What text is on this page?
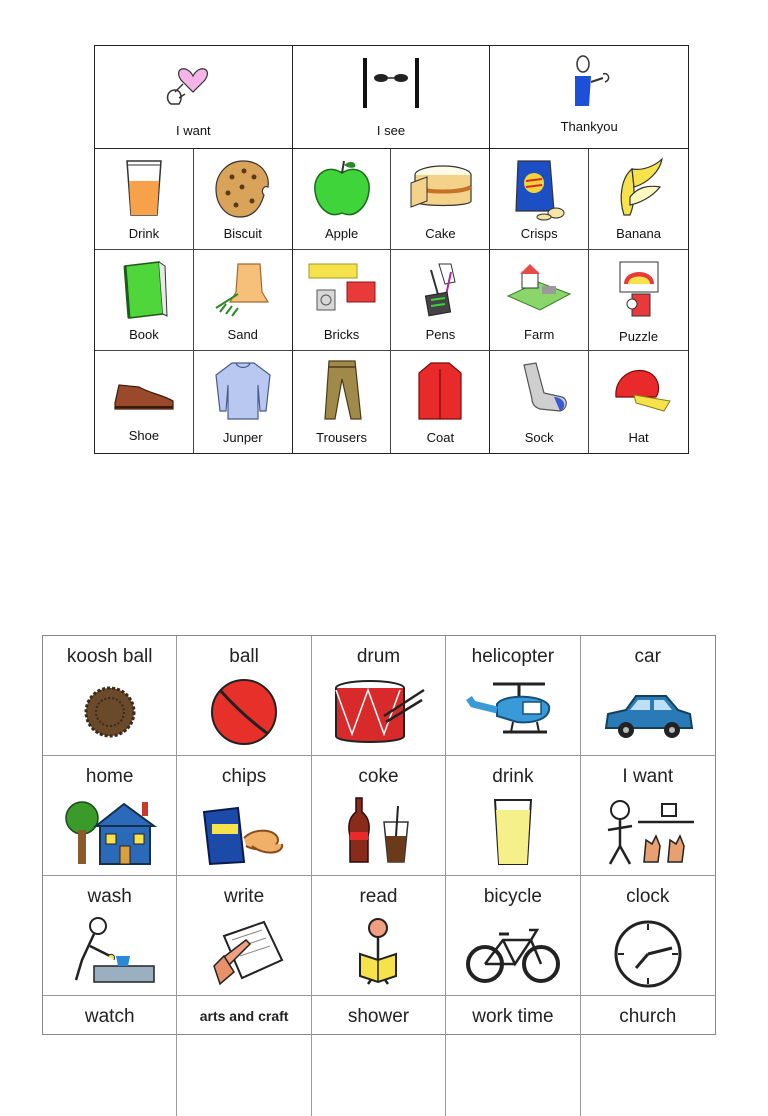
I want	I see	Thankyou
Drink	Biscuit	Apple	Cake	Crisps	Banana
Book	Sand	Bricks	Pens	Farm	Puzzle
Shoe	Junper	Trousers	Coat	Sock	Hat
koosh ball	ball	drum	helicopter	car
home	chips	coke	drink	I want
wash	write	read	bicycle	clock
watch	arts and craft	shower	work time	church
